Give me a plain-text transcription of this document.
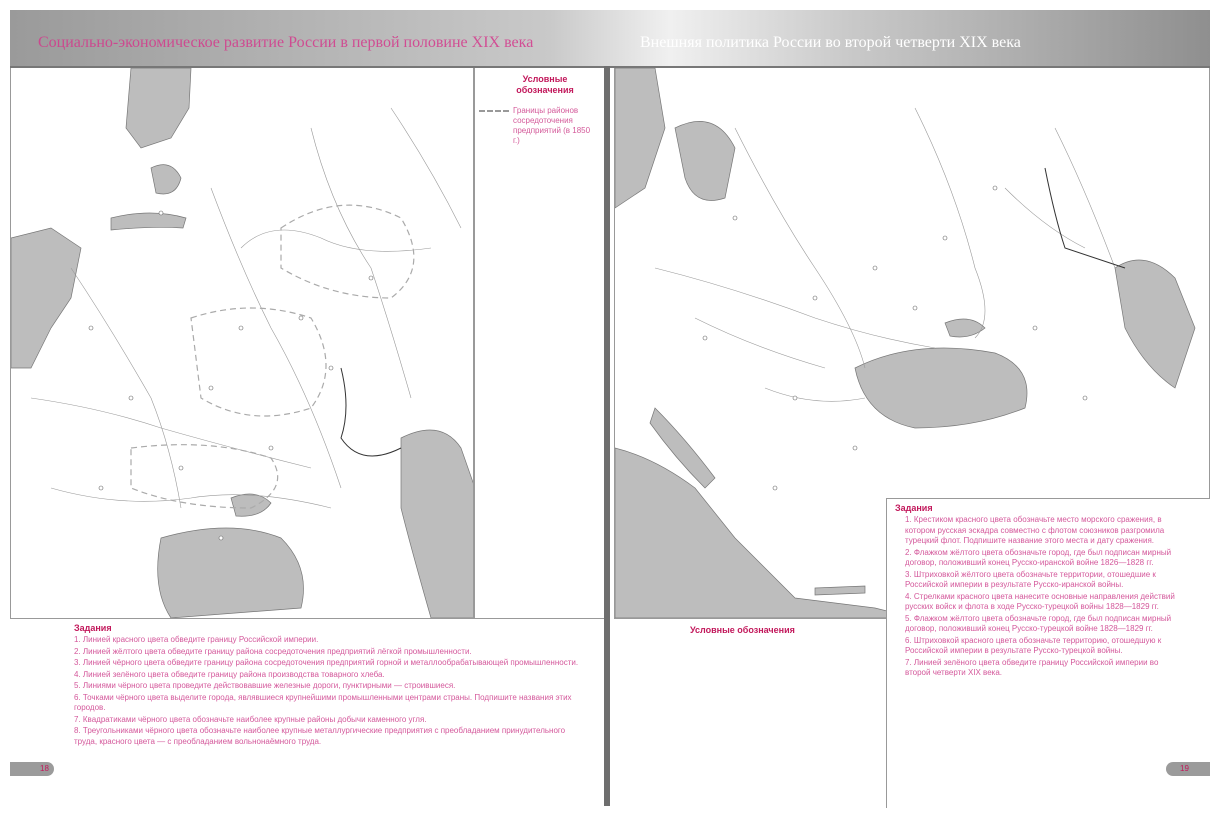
Социально-экономическое развитие России в первой половине XIX века	Внешняя политика России во второй четверти XIX века
Условные обозначения
Границы районов сосредоточения предприятий (в 1850 г.)
Задания
1. Линией красного цвета обведите границу Российской империи.
2. Линией жёлтого цвета обведите границу района сосредоточения предприятий лёгкой промышленности.
3. Линией чёрного цвета обведите границу района сосредоточения предприятий горной и металлообрабатывающей промышленности.
4. Линией зелёного цвета обведите границу района производства товарного хлеба.
5. Линиями чёрного цвета проведите действовавшие железные дороги, пунктирными — строившиеся.
6. Точками чёрного цвета выделите города, являвшиеся крупнейшими промышленными центрами страны. Подпишите названия этих городов.
7. Квадратиками чёрного цвета обозначьте наиболее крупные районы добычи каменного угля.
8. Треугольниками чёрного цвета обозначьте наиболее крупные металлургические предприятия с преобладанием принудительного труда, красного цвета — с преобладанием вольнонаёмного труда.
18
Условные обозначения
Задания
1. Крестиком красного цвета обозначьте место морского сражения, в котором русская эскадра совместно с флотом союзников разгромила турецкий флот. Подпишите название этого места и дату сражения.
2. Флажком жёлтого цвета обозначьте город, где был подписан мирный договор, положивший конец Русско-иранской войне 1826—1828 гг.
3. Штриховкой жёлтого цвета обозначьте территории, отошедшие к Российской империи в результате Русско-иранской войны.
4. Стрелками красного цвета нанесите основные направления действий русских войск и флота в ходе Русско-турецкой войны 1828—1829 гг.
5. Флажком жёлтого цвета обозначьте город, где был подписан мирный договор, положивший конец Русско-турецкой войне 1828—1829 гг.
6. Штриховкой красного цвета обозначьте территорию, отошедшую к Российской империи в результате Русско-турецкой войны.
7. Линией зелёного цвета обведите границу Российской империи во второй четверти XIX века.
19
